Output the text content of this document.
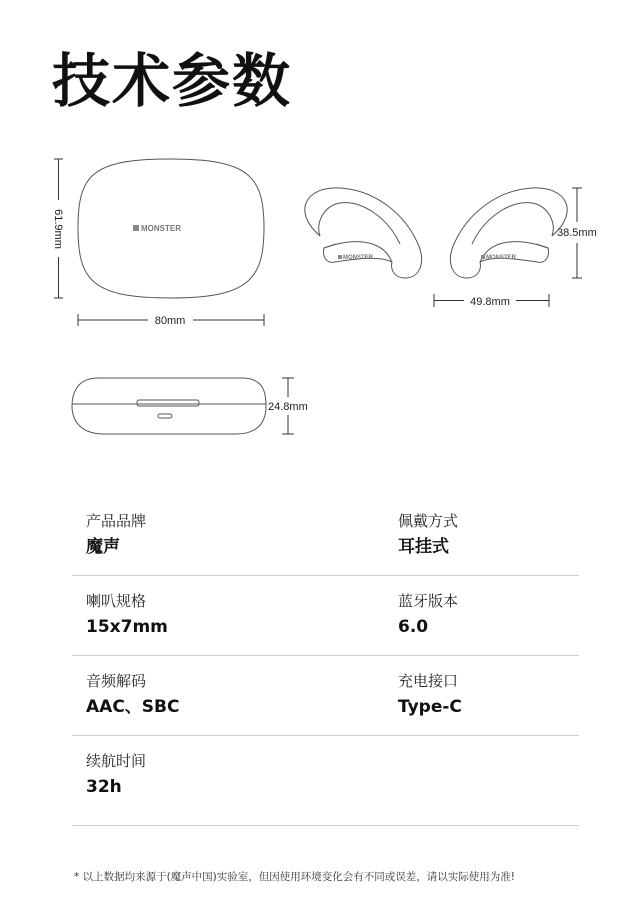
技术参数
MONSTER
61.9mm
80mm
MONSTER	MONSTER
38.5mm
49.8mm
24.8mm
产品品牌
魔声
佩戴方式
耳挂式
喇叭规格
15x7mm
蓝牙版本
6.0
音频解码
AAC、SBC
充电接口
Type-C
续航时间
32h
* 以上数据均来源于(魔声中国)实验室，但因使用环境变化会有不同或误差，请以实际使用为准!
